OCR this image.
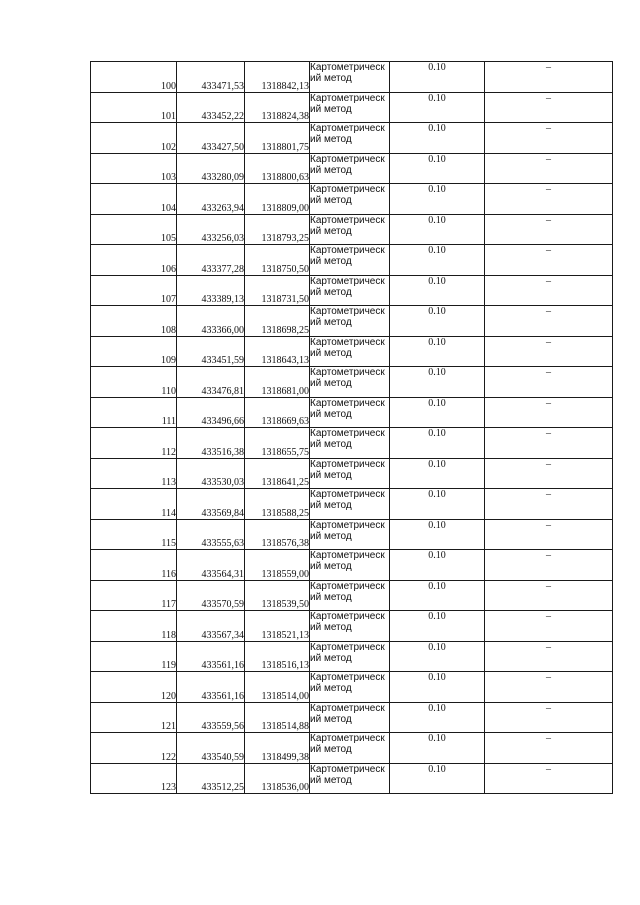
100	433471,53	1318842,13	Картометрический метод	0.10	–
101	433452,22	1318824,38	Картометрический метод	0.10	–
102	433427,50	1318801,75	Картометрический метод	0.10	–
103	433280,09	1318800,63	Картометрический метод	0.10	–
104	433263,94	1318809,00	Картометрический метод	0.10	–
105	433256,03	1318793,25	Картометрический метод	0.10	–
106	433377,28	1318750,50	Картометрический метод	0.10	–
107	433389,13	1318731,50	Картометрический метод	0.10	–
108	433366,00	1318698,25	Картометрический метод	0.10	–
109	433451,59	1318643,13	Картометрический метод	0.10	–
110	433476,81	1318681,00	Картометрический метод	0.10	–
111	433496,66	1318669,63	Картометрический метод	0.10	–
112	433516,38	1318655,75	Картометрический метод	0.10	–
113	433530,03	1318641,25	Картометрический метод	0.10	–
114	433569,84	1318588,25	Картометрический метод	0.10	–
115	433555,63	1318576,38	Картометрический метод	0.10	–
116	433564,31	1318559,00	Картометрический метод	0.10	–
117	433570,59	1318539,50	Картометрический метод	0.10	–
118	433567,34	1318521,13	Картометрический метод	0.10	–
119	433561,16	1318516,13	Картометрический метод	0.10	–
120	433561,16	1318514,00	Картометрический метод	0.10	–
121	433559,56	1318514,88	Картометрический метод	0.10	–
122	433540,59	1318499,38	Картометрический метод	0.10	–
123	433512,25	1318536,00	Картометрический метод	0.10	–
